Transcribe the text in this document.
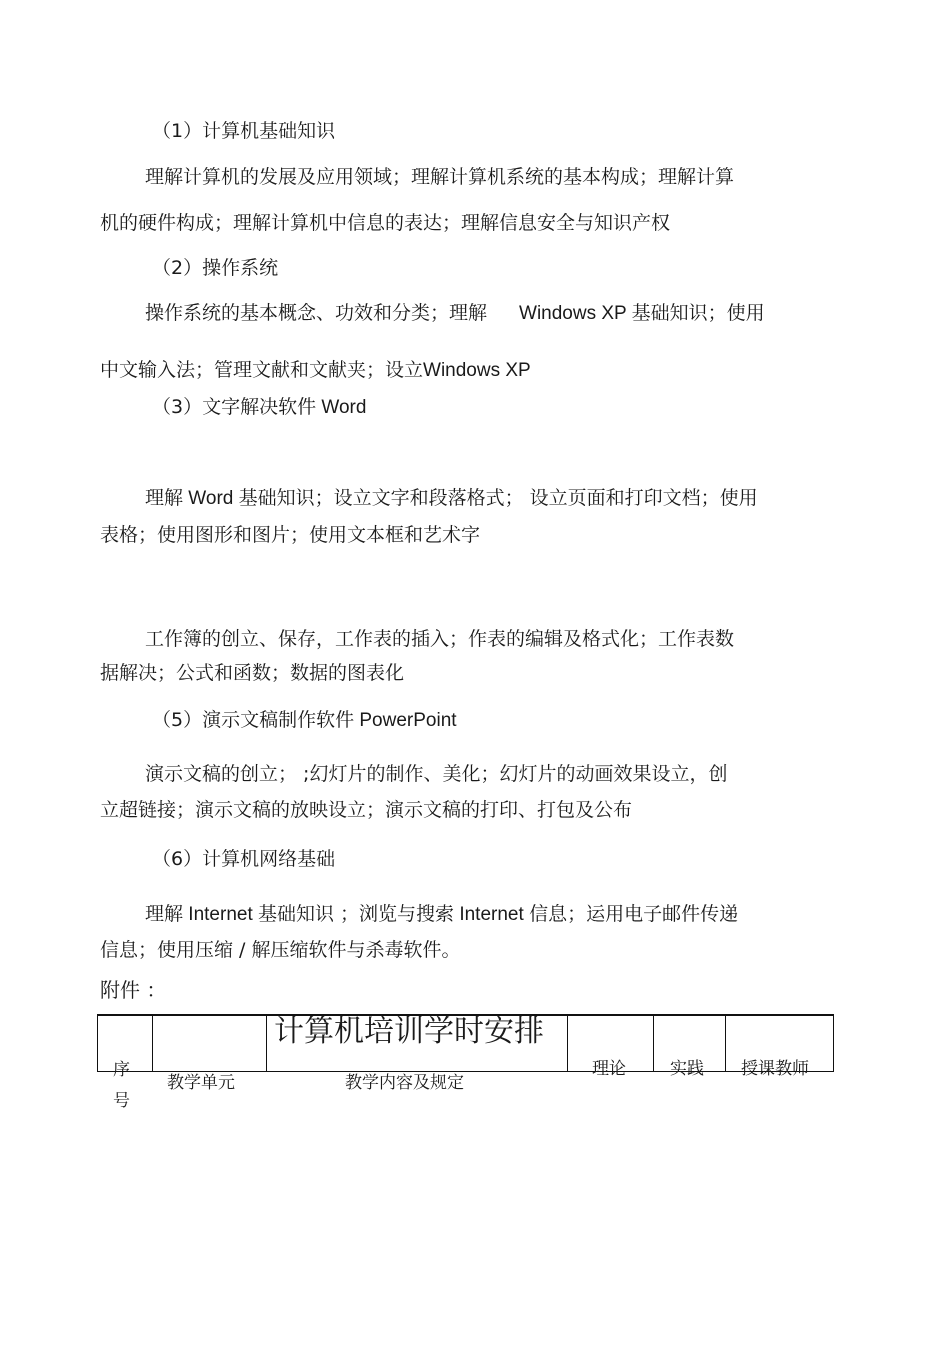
（1）计算机基础知识
理解计算机的发展及应用领域；理解计算机系统的基本构成；理解计算
机的硬件构成；理解计算机中信息的表达；理解信息安全与知识产权
（2）操作系统
操作系统的基本概念、功效和分类；理解 Windows XP 基础知识；使用
中文输入法；管理文献和文献夹；设立Windows XP
（3）文字解决软件 Word
理解 Word 基础知识；设立文字和段落格式； 设立页面和打印文档；使用
表格；使用图形和图片；使用文本框和艺术字
工作簿的创立、保存，工作表的插入；作表的编辑及格式化；工作表数
据解决；公式和函数；数据的图表化
（5）演示文稿制作软件 PowerPoint
演示文稿的创立； ;幻灯片的制作、美化；幻灯片的动画效果设立，创
立超链接；演示文稿的放映设立；演示文稿的打印、打包及公布
（6）计算机网络基础
理解 Internet 基础知识 ；浏览与搜索 Internet 信息；运用电子邮件传递
信息；使用压缩 / 解压缩软件与杀毒软件。
附件 ：
计算机培训学时安排
序
号
教学单元	教学内容及规定
理论	实践 授课教师
